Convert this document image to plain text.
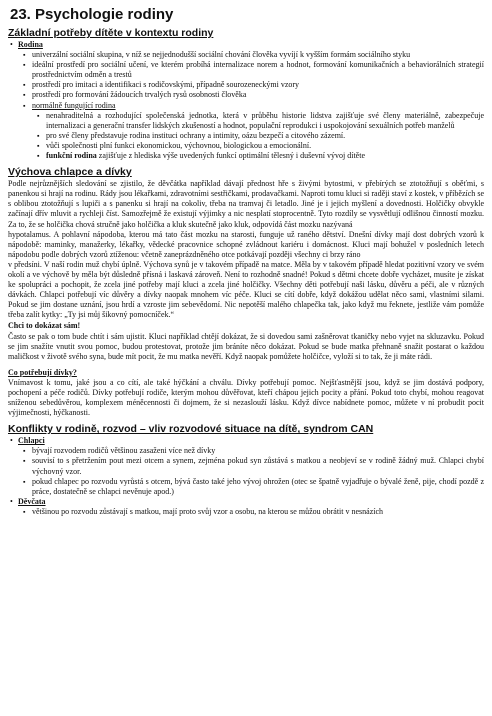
23. Psychologie rodiny
Základní potřeby dítěte v kontextu rodiny
• Rodina
▪ univerzální sociální skupina, v níž se nejjednodušší sociální chování člověka vyvíjí k vyšším formám sociálního styku
▪ ideální prostředí pro sociální učení, ve kterém probíhá internalizace norem a hodnot, formování komunikačních a behaviorálních strategií prostřednictvím odměn a trestů
▪ prostředí pro imitaci a identifikaci s rodičovskými, případně sourozeneckými vzory
▪ prostředí pro formování žádoucích trvalých rysů osobnosti člověka
▪ normálně fungující rodina
▪ nenahraditelná a rozhodující společenská jednotka, která v průběhu historie lidstva zajišťuje své členy materiálně, zabezpečuje internalizaci a generační transfer lidských zkušeností a hodnot, populační reprodukci i uspokojování sexuálních potřeb manželů
▪ pro své členy představuje rodina instituci ochrany a intimity, oázu bezpečí a citového zázemí.
▪ vůči společnosti plní funkci ekonomickou, výchovnou, biologickou a emocionální.
▪ funkční rodina zajišťuje z hlediska výše uvedených funkcí optimální tělesný i duševní vývoj dítěte
Výchova chlapce a dívky

Podle nejrůznějších sledování se zjistilo, že děvčátka například dávají přednost hře s živými bytostmi, v přebírých se ztotožňují s oběťmi, s panenkou si hrají na rodinu. Rády jsou lékařkami, zdravotními sestřičkami, prodavačkami. Naproti tomu kluci si raději staví z kostek, v příbězích se s oblibou ztotožňují s lupiči a s panenku si hrají na cokoliv, třeba na tramvaj či letadlo. Jiné je i jejich myšlení a dovednosti. Holčičky obvykle začínají dřív mluvit a rychleji číst. Samozřejmě že existují výjimky a nic nesplatí stoprocentně. Tyto rozdíly se vysvětlují odlišnou činností mozku. Za to, že se holčička chová stručně jako holčička a kluk skutečně jako kluk, odpovídá část mozku nazývaná

hypotalamus. A pohlavní nápodoba, kterou má tato část mozku na starosti, funguje už raného dětství. Dnešní dívky mají dost dobrých vzorů k nápodobě: maminky, manažerky, lékařky, vědecké pracovnice schopné zvládnout kariéru i domácnost. Kluci mají bohužel v posledních letech nápodobu podle dobrých vzorů ztíženou: včetně zaneprázdněného otce potkávají později všechny ci brzy ráno

v předsíni. V naší rodin muž chybí úplně. Výchova synů je v takovém případě na matce. Měla by v takovém případě hledat pozitivní vzory ve svém okolí a ve výchově by měla být důsledně přísná i laskavá zároveň. Není to rozhodně snadné! Pokud s dětmi chcete dobře vycházet, musíte je získat ke spolupráci a pochopit, že zcela jiné potřeby mají kluci a zcela jiné holčičky. Všechny děti potřebují naši lásku, důvěru a péči, ale v různých dávkách. Chlapci potřebují víc důvěry a dívky naopak mnohem víc péče. Kluci se cítí dobře, když dokážou udělat něco sami, vlastními silami. Pokud se jim dostane uznání, jsou hrdí a vzroste jim sebevědomí. Nic nepotěší malého chlapečka tak, jako když mu řeknete, jestliže vám pomůže třeba zalít kytky: „Ty jsi můj šikovný pomocníček.“

Chci to dokázat sám!

Často se pak o tom bude chtít i sám ujistit. Kluci například chtějí dokázat, že si dovedou sami zašněrovat tkaničky nebo vyjet na skluzavku. Pokud se jim snažíte vnutit svou pomoc, budou protestovat, protože jim bráníte něco dokázat. Pokud se bude matka přehnaně snažit postarat o každou maličkost v životě svého syna, bude mít pocit, že mu matka nevěří. Když naopak pomůžete holčičce, vyloží si to tak, že ji máte rádi.

Co potřebují dívky?

Vnímavost k tomu, jaké jsou a co cítí, ale také hýčkání a chválu. Dívky potřebují pomoc. Nejšťastnější jsou, když se jim dostává podpory, pochopení a péče rodičů. Dívky potřebují rodiče, kterým mohou důvěřovat, kteří chápou jejich pocity a přání. Pokud toto chybí, mohou reagovat sníženou sebedůvěrou, komplexem méněcennosti či dojmem, že si nezaslouží lásku. Když dívce nabídnete pomoc, můžete v ní probudit pocit výjimečnosti, hýčkanosti.

Konflikty v rodině, rozvod – vliv rozvodové situace na dítě, syndrom CAN
• Chlapci
▪ bývají rozvodem rodičů většinou zasaženi více než dívky
▪ souvisí to s přetržením pout mezi otcem a synem, zejména pokud syn zůstává s matkou a neobjeví se v rodině žádný muž. Chlapci chybí výchovný vzor.
▪ pokud chlapec po rozvodu vyrůstá s otcem, bývá často také jeho vývoj ohrožen (otec se špatně vyjadřuje o bývalé ženě, pije, chodí pozdě z práce, dostatečně se chlapci nevěnuje apod.)
• Děvčata
▪ většinou po rozvodu zůstávají s matkou, mají proto svůj vzor a osobu, na kterou se můžou obrátit v nesnázích
